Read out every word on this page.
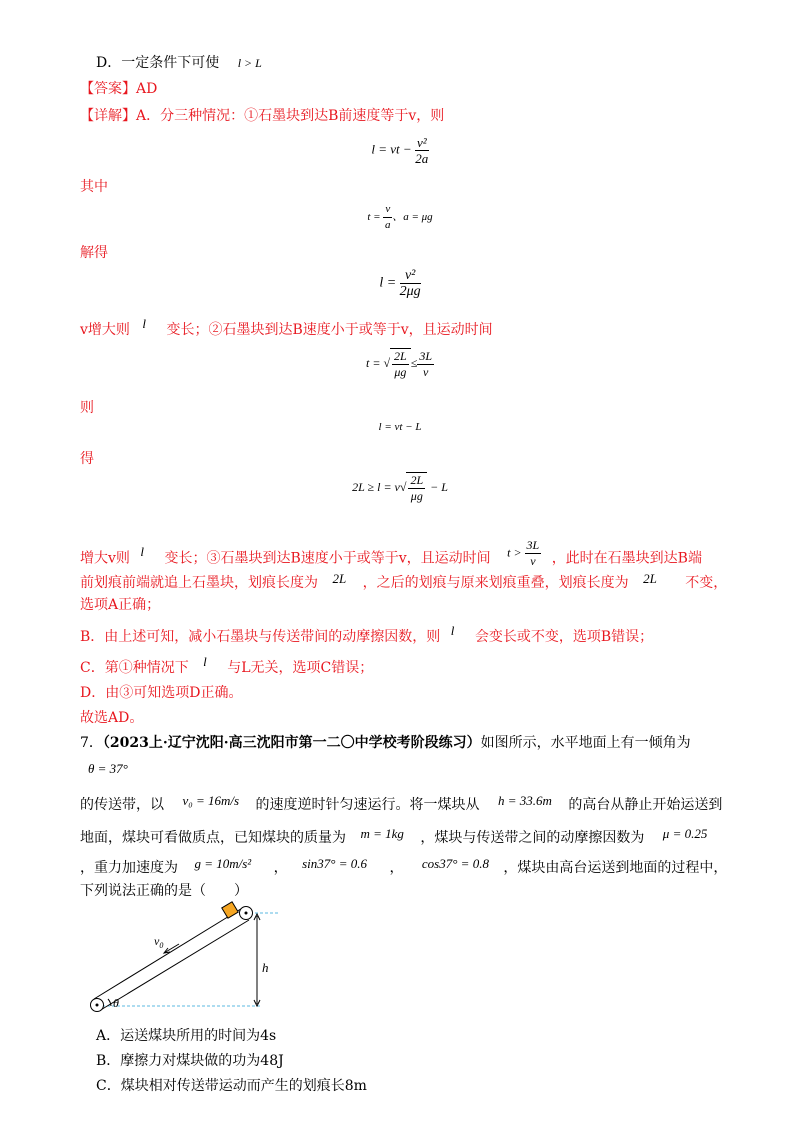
D．一定条件下可使 l > L
【答案】AD
【详解】A．分三种情况：①石墨块到达B前速度等于v，则
l = vt − $\frac{\text{v²}}{2a}$
其中
$t = \frac{v}{a}$ 、a = μg
解得
$l = \frac{\text{v²}}{2\mu g}$
v增大则 l 变长；②石墨块到达B速度小于或等于v，且运动时间
t = √ $\frac{2L}{\mu g} \le \frac{3L}{v}$
则
l = vt − L
得
$2L \ge l = v√ \frac{2L}{\mu g} - L$
增大v则 l 变长；③石墨块到达B速度小于或等于v，且运动时间 $t > \frac{3L}{v}$ ，此时在石墨块到达B端
前划痕前端就追上石墨块，划痕长度为 2L ，之后的划痕与原来划痕重叠，划痕长度为 2L 不变，
选项A正确；
B．由上述可知，减小石墨块与传送带间的动摩擦因数，则 l 会变长或不变，选项B错误；
C．第①种情况下 l 与L无关，选项C错误；
D．由③可知选项D正确。
故选AD。
7．（2023上·辽宁沈阳·高三沈阳市第一二〇中学校考阶段练习）如图所示，水平地面上有一倾角为
θ = 37°
的传送带，以 v₀ = 16m/s 的速度逆时针匀速运行。将一煤块从 h = 33.6m 的高台从静止开始运送到
地面，煤块可看做质点，已知煤块的质量为 m = 1kg ，煤块与传送带之间的动摩擦因数为 μ = 0.25
，重力加速度为 g = 10m/s² ， sin37° = 0.6 ， cos37° = 0.8 ，煤块由高台运送到地面的过程中，
下列说法正确的是（　　）
$v_0$
h
θ
A．运送煤块所用的时间为4s
B．摩擦力对煤块做的功为48J
C．煤块相对传送带运动而产生的划痕长8m
